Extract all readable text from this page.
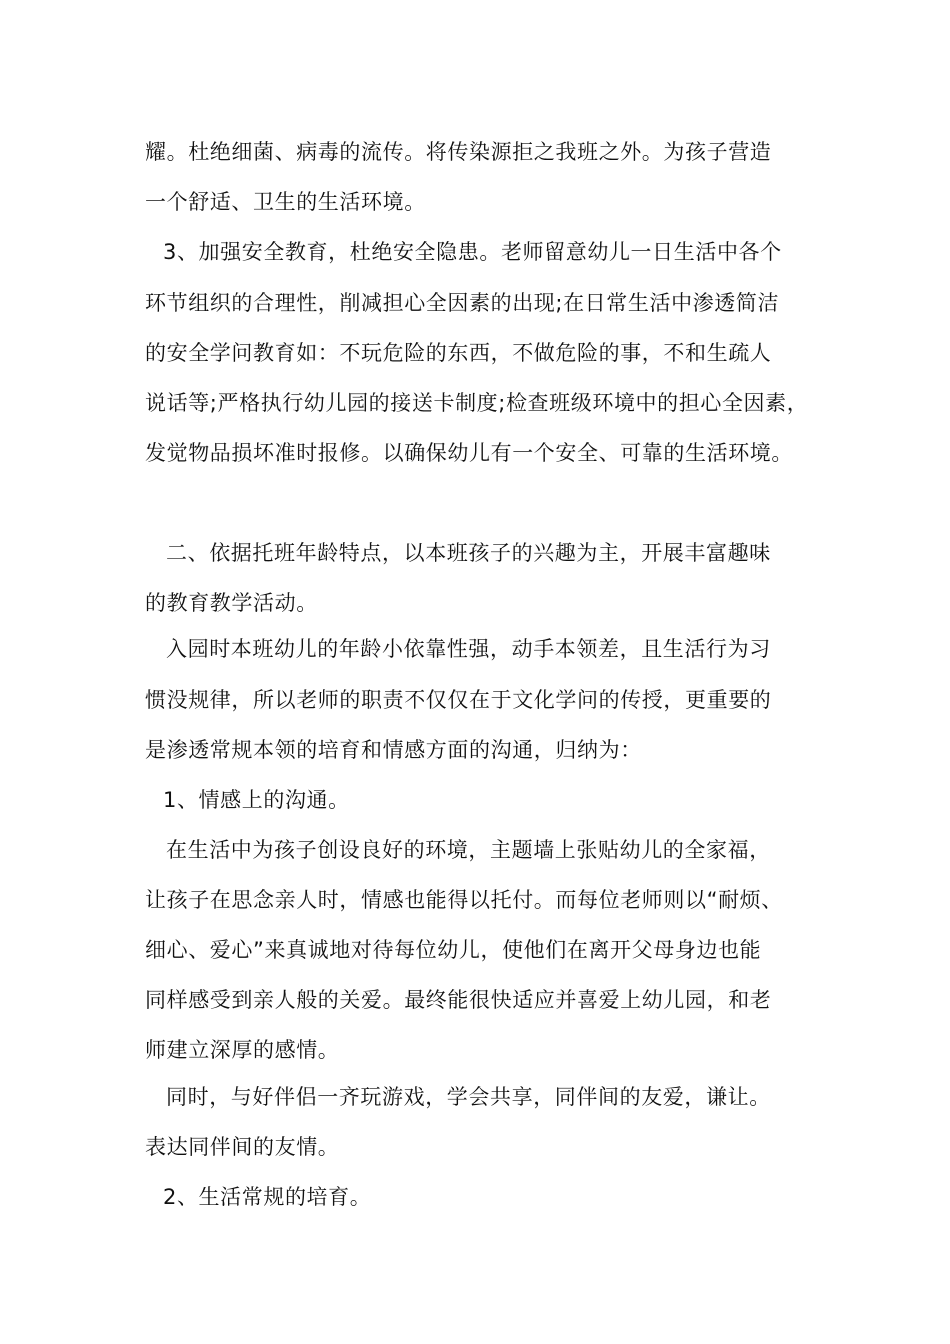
耀。杜绝细菌、病毒的流传。将传染源拒之我班之外。为孩子营造
一个舒适、卫生的生活环境。
3、加强安全教育，杜绝安全隐患。老师留意幼儿一日生活中各个
环节组织的合理性，削减担心全因素的出现;在日常生活中渗透简洁
的安全学问教育如：不玩危险的东西，不做危险的事，不和生疏人
说话等;严格执行幼儿园的接送卡制度;检查班级环境中的担心全因素，
发觉物品损坏准时报修。以确保幼儿有一个安全、可靠的生活环境。
二、依据托班年龄特点，以本班孩子的兴趣为主，开展丰富趣味
的教育教学活动。
入园时本班幼儿的年龄小依靠性强，动手本领差，且生活行为习
惯没规律，所以老师的职责不仅仅在于文化学问的传授，更重要的
是渗透常规本领的培育和情感方面的沟通，归纳为：
1、情感上的沟通。
在生活中为孩子创设良好的环境，主题墙上张贴幼儿的全家福，
让孩子在思念亲人时，情感也能得以托付。而每位老师则以“耐烦、
细心、爱心”来真诚地对待每位幼儿，使他们在离开父母身边也能
同样感受到亲人般的关爱。最终能很快适应并喜爱上幼儿园，和老
师建立深厚的感情。
同时，与好伴侣一齐玩游戏，学会共享，同伴间的友爱，谦让。
表达同伴间的友情。
2、生活常规的培育。
